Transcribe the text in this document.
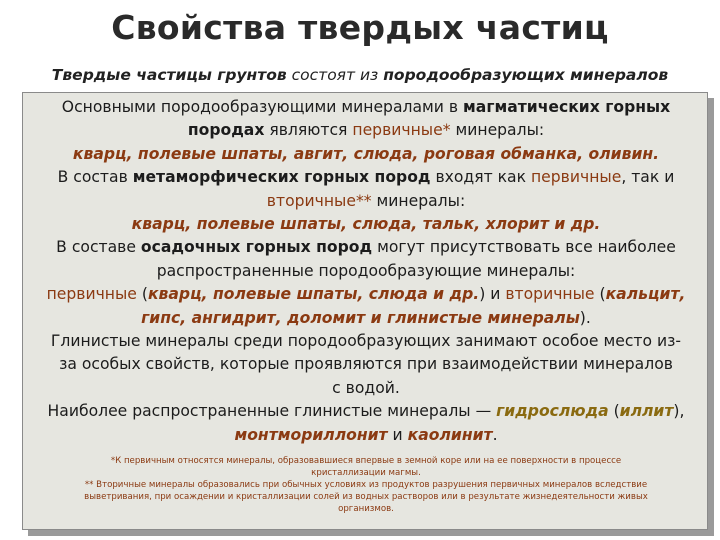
Свойства твердых частиц
Твердые частицы грунтов состоят из породообразующих минералов

Основными породообразующими минералами в магматических горных

породах являются первичные* минералы:

кварц, полевые шпаты, авгит, слюда, роговая обманка, оливин.

В состав метаморфических горных пород входят как первичные, так и

вторичные** минералы:

кварц, полевые шпаты, слюда, тальк, хлорит и др.

В составе осадочных горных пород могут присутствовать все наиболее

распространенные породообразующие минералы:

первичные (кварц, полевые шпаты, слюда и др.) и вторичные (кальцит,

гипс, ангидрит, доломит и глинистые минералы).

Глинистые минералы среди породообразующих занимают особое место из-

за особых свойств, которые проявляются при взаимодействии минералов

с водой.

Наиболее распространенные глинистые минералы — гидрослюда (иллит),

монтмориллонит и каолинит.

*К первичным относятся минералы, образовавшиеся впервые в земной коре или на ее поверхности в процессе

кристаллизации магмы.

** Вторичные минералы образовались при обычных условиях из продуктов разрушения первичных минералов вследствие

выветривания, при осаждении и кристаллизации солей из водных растворов или в результате жизнедеятельности живых

организмов.
